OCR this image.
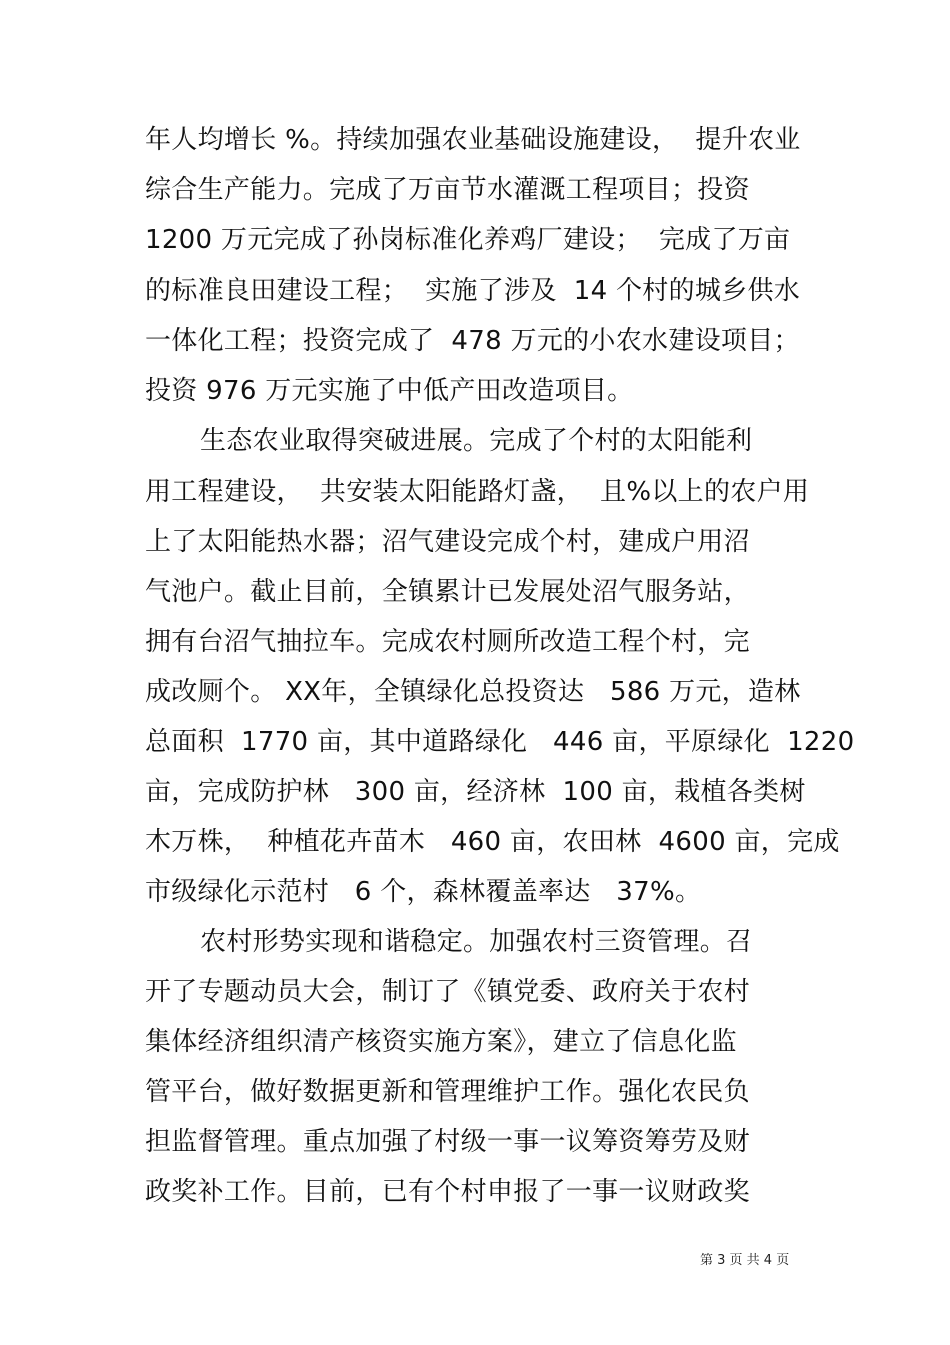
年人均增长 %。持续加强农业基础设施建设，  提升农业
综合生产能力。完成了万亩节水灌溉工程项目；投资
1200 万元完成了孙岗标准化养鸡厂建设；  完成了万亩
的标准良田建设工程；  实施了涉及  14 个村的城乡供水
一体化工程；投资完成了  478 万元的小农水建设项目；
投资 976 万元实施了中低产田改造项目。
生态农业取得突破进展。完成了个村的太阳能利
用工程建设，  共安装太阳能路灯盏，  且%以上的农户用
上了太阳能热水器；沼气建设完成个村，建成户用沼
气池户。截止目前，全镇累计已发展处沼气服务站，
拥有台沼气抽拉车。完成农村厕所改造工程个村，完
成改厕个。 XX年，全镇绿化总投资达   586 万元，造林
总面积  1770 亩，其中道路绿化   446 亩，平原绿化  1220
亩，完成防护林   300 亩，经济林  100 亩，栽植各类树
木万株，  种植花卉苗木   460 亩，农田林  4600 亩，完成
市级绿化示范村   6 个，森林覆盖率达   37%。
农村形势实现和谐稳定。加强农村三资管理。召
开了专题动员大会，制订了《镇党委、政府关于农村
集体经济组织清产核资实施方案》，建立了信息化监
管平台，做好数据更新和管理维护工作。强化农民负
担监督管理。重点加强了村级一事一议筹资筹劳及财
政奖补工作。目前，已有个村申报了一事一议财政奖
第 3 页 共 4 页
